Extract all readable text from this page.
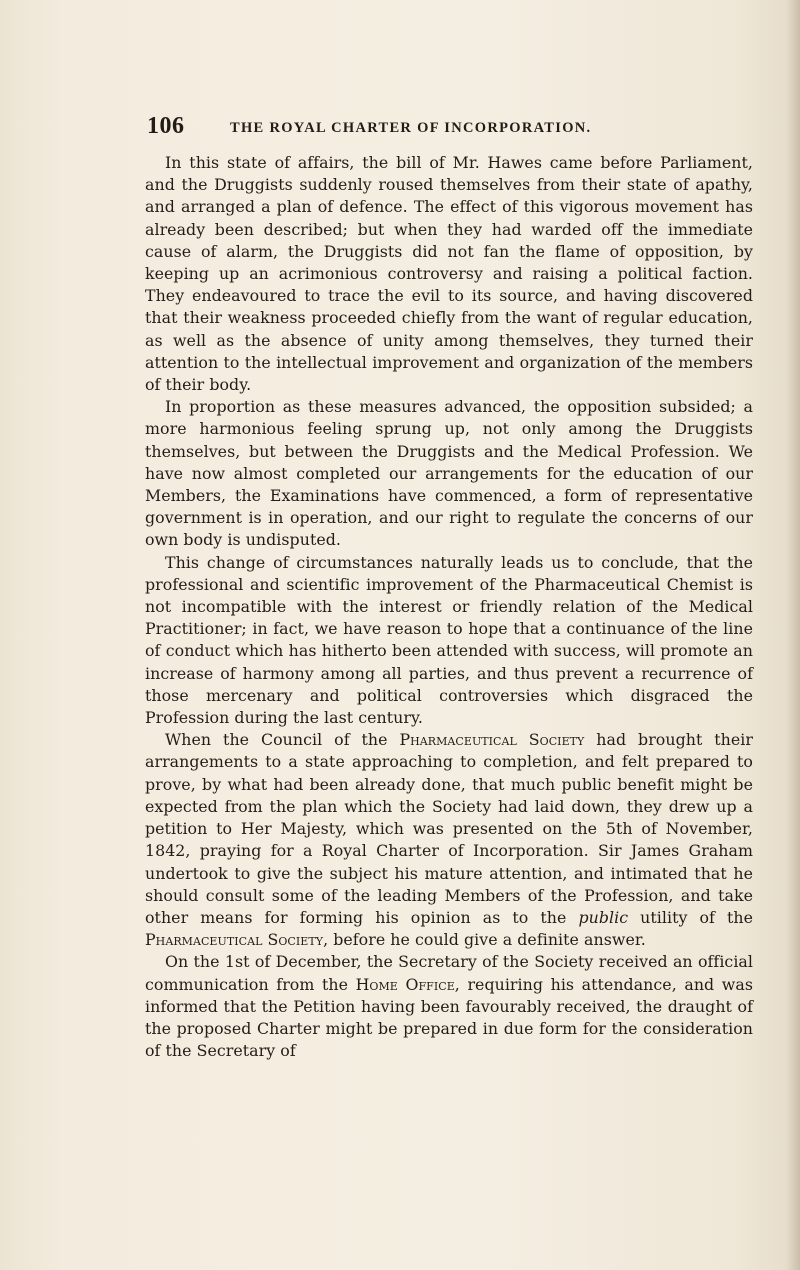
106	THE ROYAL CHARTER OF INCORPORATION.

In this state of affairs, the bill of Mr. Hawes came before Parliament, and the Druggists suddenly roused themselves from their state of apathy, and arranged a plan of defence. The effect of this vigorous movement has already been described; but when they had warded off the immediate cause of alarm, the Druggists did not fan the flame of opposition, by keeping up an acrimonious controversy and raising a political faction. They endeavoured to trace the evil to its source, and having discovered that their weakness proceeded chiefly from the want of regular education, as well as the absence of unity among themselves, they turned their attention to the intellectual improvement and organization of the members of their body.

In proportion as these measures advanced, the opposition subsided; a more harmonious feeling sprung up, not only among the Druggists themselves, but between the Druggists and the Medical Profession. We have now almost completed our arrangements for the education of our Members, the Examinations have commenced, a form of representative government is in operation, and our right to regulate the concerns of our own body is undisputed.

This change of circumstances naturally leads us to conclude, that the professional and scientific improvement of the Pharmaceutical Chemist is not incompatible with the interest or friendly relation of the Medical Practitioner; in fact, we have reason to hope that a continuance of the line of conduct which has hitherto been attended with success, will promote an increase of harmony among all parties, and thus prevent a recurrence of those mercenary and political controversies which disgraced the Profession during the last century.

When the Council of the Pharmaceutical Society had brought their arrangements to a state approaching to completion, and felt prepared to prove, by what had been already done, that much public benefit might be expected from the plan which the Society had laid down, they drew up a petition to Her Majesty, which was presented on the 5th of November, 1842, praying for a Royal Charter of Incorporation. Sir James Graham undertook to give the subject his mature attention, and intimated that he should consult some of the leading Members of the Profession, and take other means for forming his opinion as to the public utility of the Pharmaceutical Society, before he could give a definite answer.

On the 1st of December, the Secretary of the Society received an official communication from the Home Office, requiring his attendance, and was informed that the Petition having been favourably received, the draught of the proposed Charter might be prepared in due form for the consideration of the Secretary of
